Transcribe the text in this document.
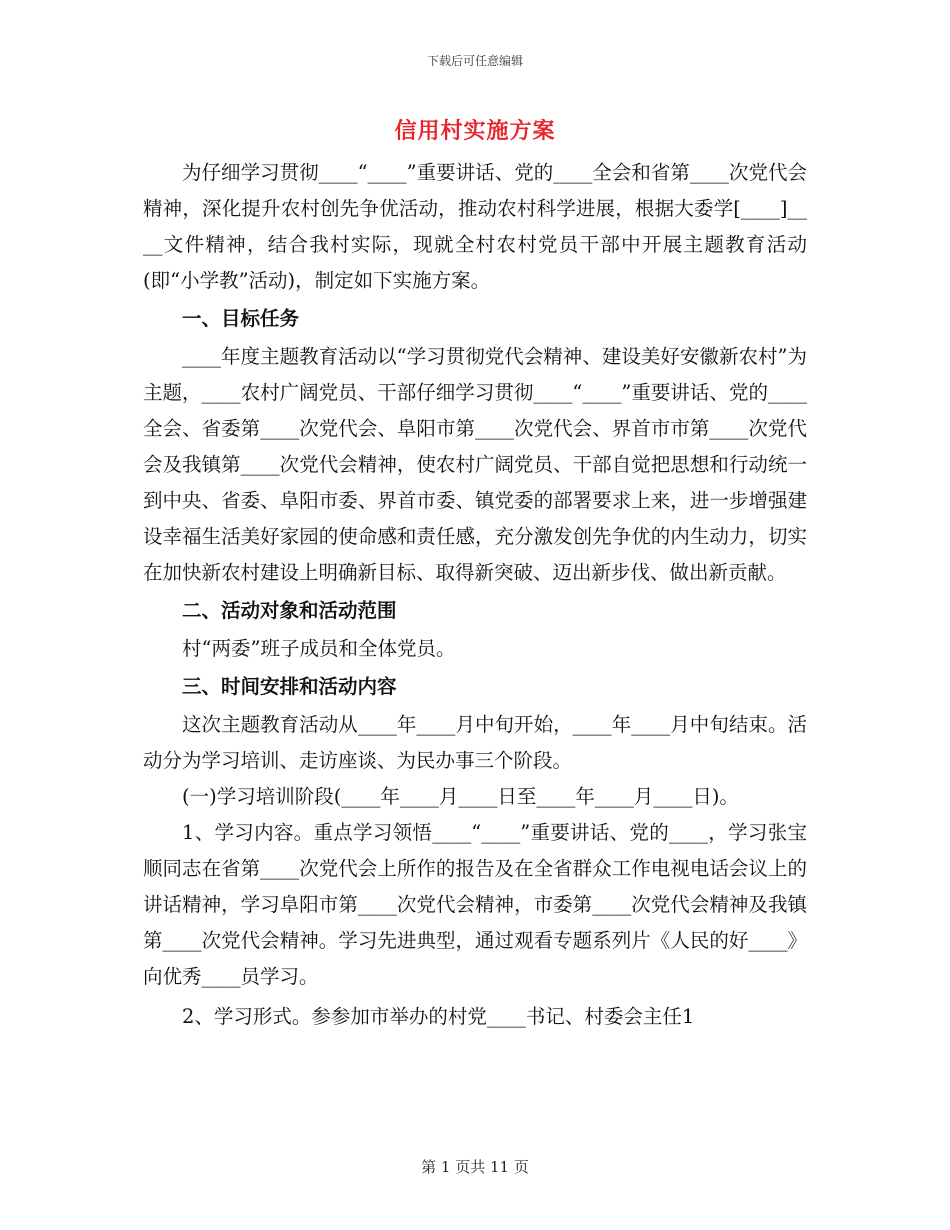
下载后可任意编辑
信用村实施方案

为仔细学习贯彻____“____”重要讲话、党的____全会和省第____次党代会精神，深化提升农村创先争优活动，推动农村科学进展，根据大委学[____]____文件精神，结合我村实际，现就全村农村党员干部中开展主题教育活动(即“小学教”活动)，制定如下实施方案。

一、目标任务

____年度主题教育活动以“学习贯彻党代会精神、建设美好安徽新农村”为主题，____农村广阔党员、干部仔细学习贯彻____“____”重要讲话、党的____全会、省委第____次党代会、阜阳市第____次党代会、界首市市第____次党代会及我镇第____次党代会精神，使农村广阔党员、干部自觉把思想和行动统一到中央、省委、阜阳市委、界首市委、镇党委的部署要求上来，进一步增强建设幸福生活美好家园的使命感和责任感，充分激发创先争优的内生动力，切实在加快新农村建设上明确新目标、取得新突破、迈出新步伐、做出新贡献。

二、活动对象和活动范围

村“两委”班子成员和全体党员。

三、时间安排和活动内容

这次主题教育活动从____年____月中旬开始，____年____月中旬结束。活动分为学习培训、走访座谈、为民办事三个阶段。

(一)学习培训阶段(____年____月____日至____年____月____日)。

1、学习内容。重点学习领悟____“____”重要讲话、党的____，学习张宝顺同志在省第____次党代会上所作的报告及在全省群众工作电视电话会议上的讲话精神，学习阜阳市第____次党代会精神，市委第____次党代会精神及我镇第____次党代会精神。学习先进典型，通过观看专题系列片《人民的好____》向优秀____员学习。

2、学习形式。参参加市举办的村党____书记、村委会主任1

第 1 页共 11 页
